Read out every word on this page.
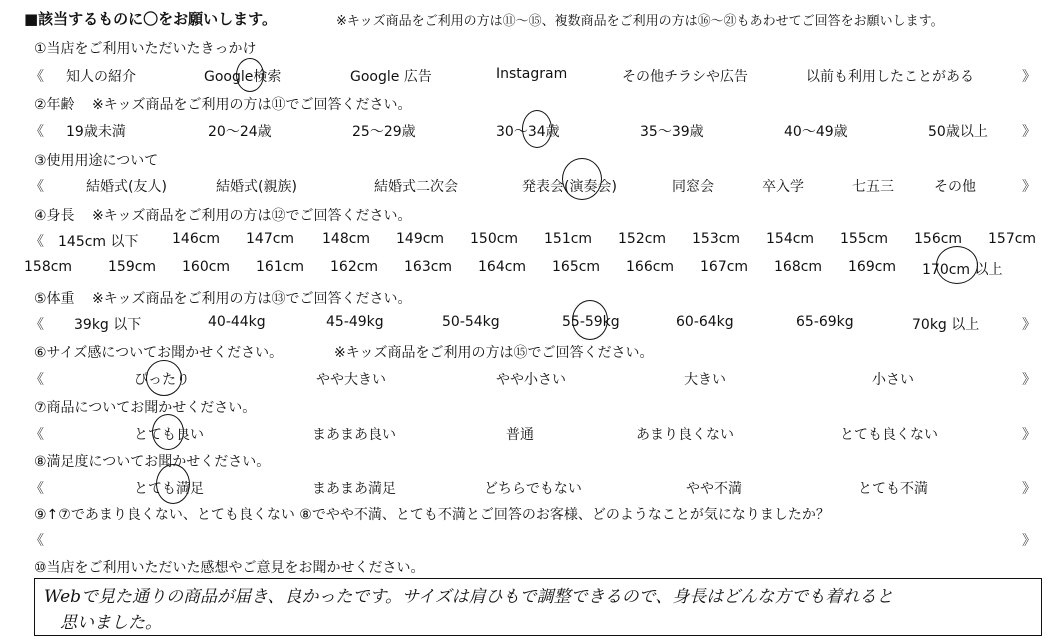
■該当するものに〇をお願いします。	※キッズ商品をご利用の方は⑪〜⑮、複数商品をご利用の方は⑯〜㉑もあわせてご回答をお願いします。
①当店をご利用いただいたきっかけ
《 知人の紹介	Google検索	Google 広告	Instagram	その他チラシや広告	以前も利用したことがある	》
②年齢 ※キッズ商品をご利用の方は⑪でご回答ください。
《 19歳未満	20〜24歳	25〜29歳	30〜34歳	35〜39歳	40〜49歳	50歳以上 》
③使用用途について
《	結婚式(友人)	結婚式(親族)	結婚式二次会	発表会(演奏会)	同窓会	卒入学	七五三	その他	》
④身長 ※キッズ商品をご利用の方は⑫でご回答ください。
《 145cm 以下 146cm 147cm 148cm 149cm 150cm 151cm 152cm 153cm 154cm 155cm 156cm 157cm
158cm	159cm 160cm 161cm 162cm 163cm 164cm 165cm 166cm 167cm 168cm 169cm 170cm 以上
⑤体重 ※キッズ商品をご利用の方は⑬でご回答ください。
《 39kg 以下	40-44kg	45-49kg	50-54kg	55-59kg	60-64kg	65-69kg	70kg 以上	》
⑥サイズ感についてお聞かせください。	※キッズ商品をご利用の方は⑮でご回答ください。
《	ぴったり	やや大きい	やや小さい	大きい	小さい	》
⑦商品についてお聞かせください。
《	とても良い	まあまあ良い	普通	あまり良くない	とても良くない	》
⑧満足度についてお聞かせください。
《	とても満足	まあまあ満足	どちらでもない	やや不満	とても不満	》
⑨↑⑦であまり良くない、とても良くない ⑧でやや不満、とても不満とご回答のお客様、どのようなことが気になりましたか？
《	》
⑩当店をご利用いただいた感想やご意見をお聞かせください。
Webで見た通りの商品が届き、良かったです。サイズは肩ひもで調整できるので、身長はどんな方でも着れると
思いました。
